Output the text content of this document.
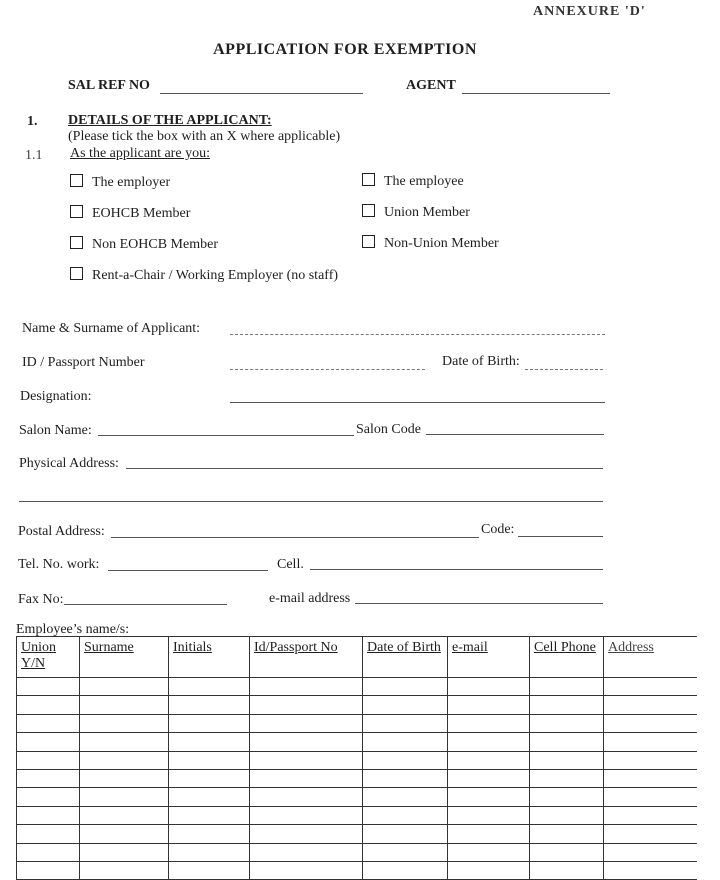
ANNEXURE 'D'
APPLICATION FOR EXEMPTION
SAL REF NO	AGENT
1. DETAILS OF THE APPLICANT:
(Please tick the box with an X where applicable)
1.1 As the applicant are you:
The employer	The employee
EOHCB Member	Union Member
Non EOHCB Member	Non-Union Member
Rent-a-Chair / Working Employer (no staff)
Name & Surname of Applicant:
ID / Passport Number	Date of Birth:
Designation:
Salon Name:	Salon Code
Physical Address:
Postal Address:	Code:
Tel. No. work:	Cell.
Fax No:	e-mail address
Employee’s name/s:
Union Y/N	Surname	Initials	Id/Passport No	Date of Birth	e-mail	Cell Phone	Address
